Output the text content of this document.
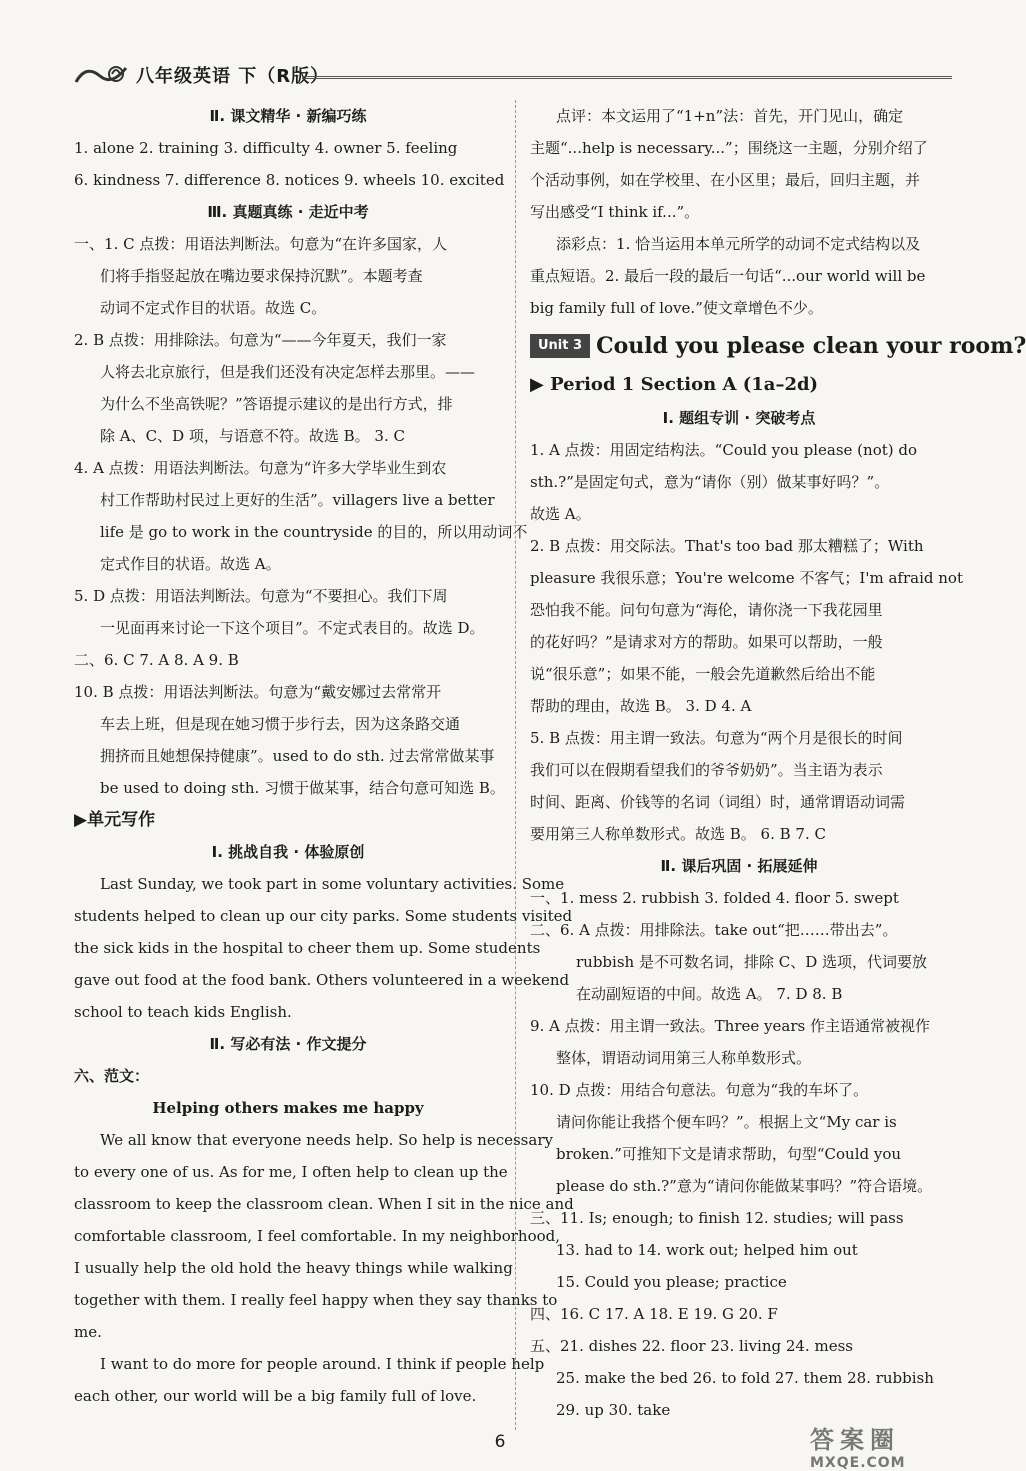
八年级英语 下（R版）
Ⅱ. 课文精华 · 新编巧练
1. alone 2. training 3. difficulty 4. owner 5. feeling
6. kindness 7. difference 8. notices 9. wheels 10. excited
Ⅲ. 真题真练 · 走近中考
一、1. C 点拨：用语法判断法。句意为“在许多国家，人
们将手指竖起放在嘴边要求保持沉默”。本题考查
动词不定式作目的状语。故选 C。
2. B 点拨：用排除法。句意为“——今年夏天，我们一家
人将去北京旅行，但是我们还没有决定怎样去那里。——
为什么不坐高铁呢？”答语提示建议的是出行方式，排
除 A、C、D 项，与语意不符。故选 B。 3. C
4. A 点拨：用语法判断法。句意为“许多大学毕业生到农
村工作帮助村民过上更好的生活”。villagers live a better
life 是 go to work in the countryside 的目的，所以用动词不
定式作目的状语。故选 A。
5. D 点拨：用语法判断法。句意为“不要担心。我们下周
一见面再来讨论一下这个项目”。不定式表目的。故选 D。
二、6. C 7. A 8. A 9. B
10. B 点拨：用语法判断法。句意为“戴安娜过去常常开
车去上班，但是现在她习惯于步行去，因为这条路交通
拥挤而且她想保持健康”。used to do sth. 过去常常做某事
be used to doing sth. 习惯于做某事，结合句意可知选 B。
▶单元写作
Ⅰ. 挑战自我 · 体验原创
Last Sunday, we took part in some voluntary activities. Some
students helped to clean up our city parks. Some students visited
the sick kids in the hospital to cheer them up. Some students
gave out food at the food bank. Others volunteered in a weekend
school to teach kids English.
Ⅱ. 写必有法 · 作文提分
六、范文：
Helping others makes me happy
We all know that everyone needs help. So help is necessary
to every one of us. As for me, I often help to clean up the
classroom to keep the classroom clean. When I sit in the nice and
comfortable classroom, I feel comfortable. In my neighborhood,
I usually help the old hold the heavy things while walking
together with them. I really feel happy when they say thanks to
me.
I want to do more for people around. I think if people help
each other, our world will be a big family full of love.
点评：本文运用了“1+n”法：首先，开门见山，确定
主题“...help is necessary...”；围绕这一主题，分别介绍了
个活动事例，如在学校里、在小区里；最后，回归主题，并
写出感受“I think if...”。
添彩点：1. 恰当运用本单元所学的动词不定式结构以及
重点短语。2. 最后一段的最后一句话“...our world will be
big family full of love.”使文章增色不少。
Unit 3 Could you please clean your room?
▶ Period 1 Section A (1a–2d)
Ⅰ. 题组专训 · 突破考点
1. A 点拨：用固定结构法。“Could you please (not) do
sth.?”是固定句式，意为“请你（别）做某事好吗？”。
故选 A。
2. B 点拨：用交际法。That's too bad 那太糟糕了；With
pleasure 我很乐意；You're welcome 不客气；I'm afraid not
恐怕我不能。问句句意为“海伦，请你浇一下我花园里
的花好吗？”是请求对方的帮助。如果可以帮助，一般
说“很乐意”；如果不能，一般会先道歉然后给出不能
帮助的理由，故选 B。 3. D 4. A
5. B 点拨：用主谓一致法。句意为“两个月是很长的时间
我们可以在假期看望我们的爷爷奶奶”。当主语为表示
时间、距离、价钱等的名词（词组）时，通常谓语动词需
要用第三人称单数形式。故选 B。 6. B 7. C
Ⅱ. 课后巩固 · 拓展延伸
一、1. mess 2. rubbish 3. folded 4. floor 5. swept
二、6. A 点拨：用排除法。take out“把……带出去”。
rubbish 是不可数名词，排除 C、D 选项，代词要放
在动副短语的中间。故选 A。 7. D 8. B
9. A 点拨：用主谓一致法。Three years 作主语通常被视作
整体，谓语动词用第三人称单数形式。
10. D 点拨：用结合句意法。句意为“我的车坏了。
请问你能让我搭个便车吗？”。根据上文“My car is
broken.”可推知下文是请求帮助，句型“Could you
please do sth.?”意为“请问你能做某事吗？”符合语境。
三、11. Is; enough; to finish 12. studies; will pass
13. had to 14. work out; helped him out
15. Could you please; practice
四、16. C 17. A 18. E 19. G 20. F
五、21. dishes 22. floor 23. living 24. mess
25. make the bed 26. to fold 27. them 28. rubbish
29. up 30. take
6	答案圈
MXQE.COM
